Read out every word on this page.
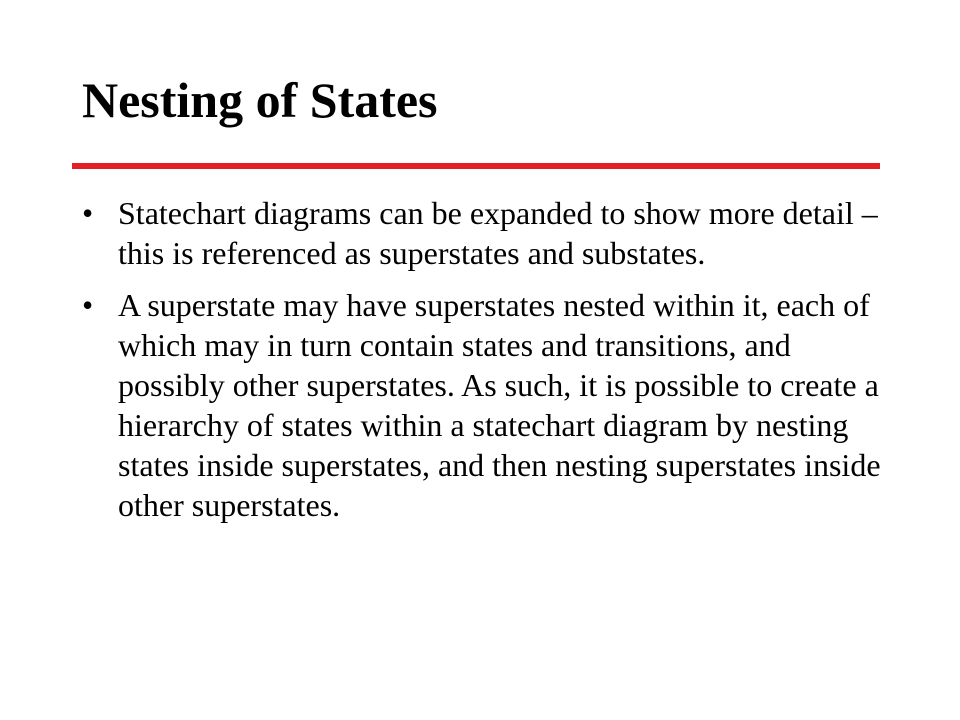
Nesting of States
• Statechart diagrams can be expanded to show more detail – this is referenced as superstates and substates.
• A superstate may have superstates nested within it, each of which may in turn contain states and transitions, and possibly other superstates. As such, it is possible to create a hierarchy of states within a statechart diagram by nesting states inside superstates, and then nesting superstates inside other superstates.
